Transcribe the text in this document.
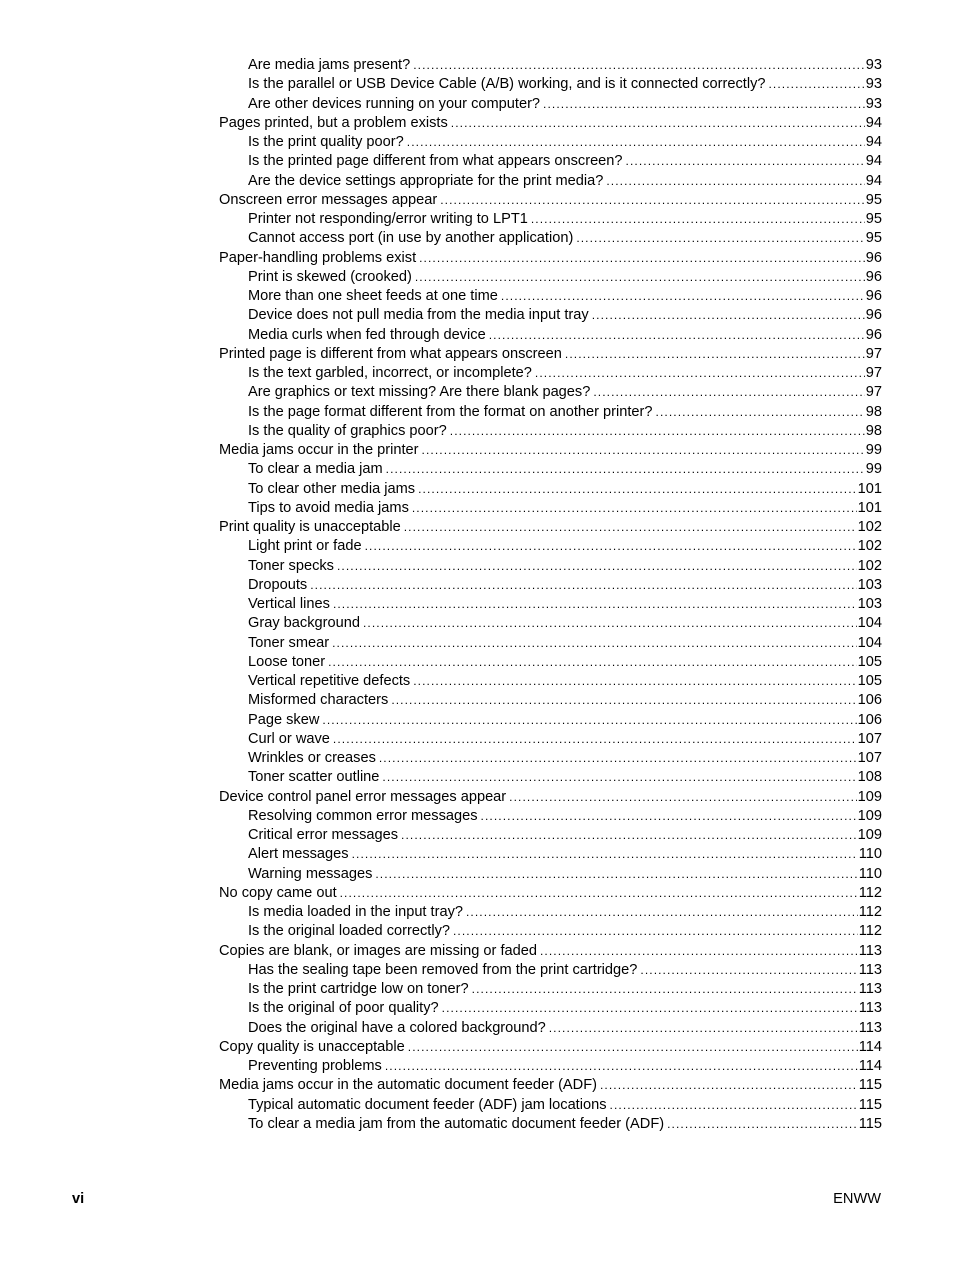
Are media jams present? .....	93
Is the parallel or USB Device Cable (A/B) working, and is it connected correctly? .....	93
Are other devices running on your computer? .....	93
Pages printed, but a problem exists .....	94
Is the print quality poor? .....	94
Is the printed page different from what appears onscreen? .....	94
Are the device settings appropriate for the print media? .....	94
Onscreen error messages appear .....	95
Printer not responding/error writing to LPT1 .....	95
Cannot access port (in use by another application) .....	95
Paper-handling problems exist .....	96
Print is skewed (crooked) .....	96
More than one sheet feeds at one time .....	96
Device does not pull media from the media input tray .....	96
Media curls when fed through device .....	96
Printed page is different from what appears onscreen .....	97
Is the text garbled, incorrect, or incomplete? .....	97
Are graphics or text missing? Are there blank pages? .....	97
Is the page format different from the format on another printer? .....	98
Is the quality of graphics poor? .....	98
Media jams occur in the printer .....	99
To clear a media jam .....	99
To clear other media jams .....	101
Tips to avoid media jams .....	101
Print quality is unacceptable .....	102
Light print or fade .....	102
Toner specks .....	102
Dropouts .....	103
Vertical lines .....	103
Gray background .....	104
Toner smear .....	104
Loose toner .....	105
Vertical repetitive defects .....	105
Misformed characters .....	106
Page skew .....	106
Curl or wave .....	107
Wrinkles or creases .....	107
Toner scatter outline .....	108
Device control panel error messages appear .....	109
Resolving common error messages .....	109
Critical error messages .....	109
Alert messages .....	110
Warning messages .....	110
No copy came out .....	112
Is media loaded in the input tray? .....	112
Is the original loaded correctly? .....	112
Copies are blank, or images are missing or faded .....	113
Has the sealing tape been removed from the print cartridge? .....	113
Is the print cartridge low on toner? .....	113
Is the original of poor quality? .....	113
Does the original have a colored background? .....	113
Copy quality is unacceptable .....	114
Preventing problems .....	114
Media jams occur in the automatic document feeder (ADF) .....	115
Typical automatic document feeder (ADF) jam locations .....	115
To clear a media jam from the automatic document feeder (ADF) .....	115
vi	ENWW
